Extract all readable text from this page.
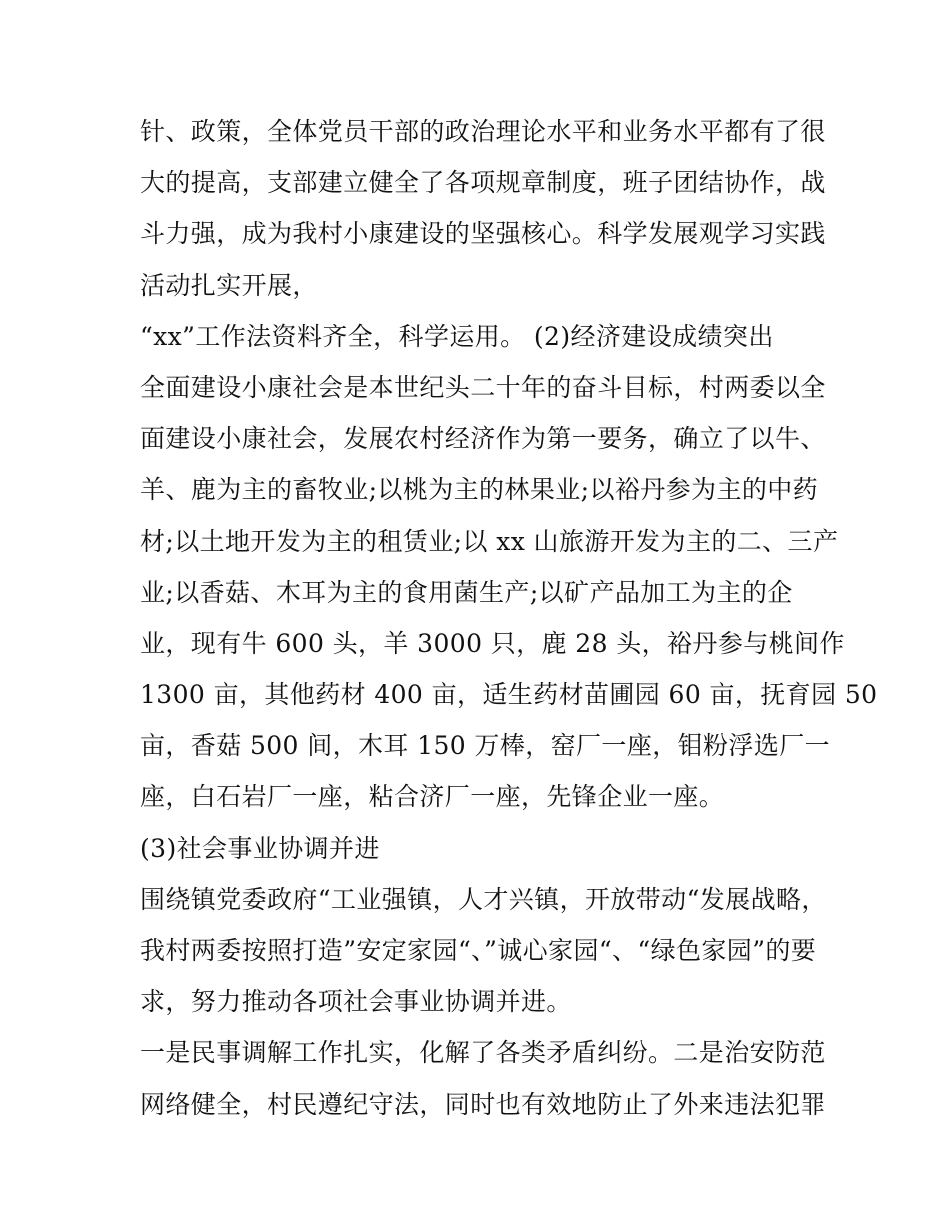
针、政策，全体党员干部的政治理论水平和业务水平都有了很
大的提高，支部建立健全了各项规章制度，班子团结协作，战
斗力强，成为我村小康建设的坚强核心。科学发展观学习实践
活动扎实开展，
“xx”工作法资料齐全，科学运用。 (2)经济建设成绩突出
全面建设小康社会是本世纪头二十年的奋斗目标，村两委以全
面建设小康社会，发展农村经济作为第一要务，确立了以牛、
羊、鹿为主的畜牧业;以桃为主的林果业;以裕丹参为主的中药
材;以土地开发为主的租赁业;以 xx 山旅游开发为主的二、三产
业;以香菇、木耳为主的食用菌生产;以矿产品加工为主的企
业，现有牛 600 头，羊 3000 只，鹿 28 头，裕丹参与桃间作
1300 亩，其他药材 400 亩，适生药材苗圃园 60 亩，抚育园 50
亩，香菇 500 间，木耳 150 万棒，窑厂一座，钼粉浮选厂一
座，白石岩厂一座，粘合济厂一座，先锋企业一座。
(3)社会事业协调并进
围绕镇党委政府“工业强镇，人才兴镇，开放带动“发展战略，
我村两委按照打造”安定家园“、”诚心家园“、“绿色家园”的要
求，努力推动各项社会事业协调并进。
一是民事调解工作扎实，化解了各类矛盾纠纷。二是治安防范
网络健全，村民遵纪守法，同时也有效地防止了外来违法犯罪
